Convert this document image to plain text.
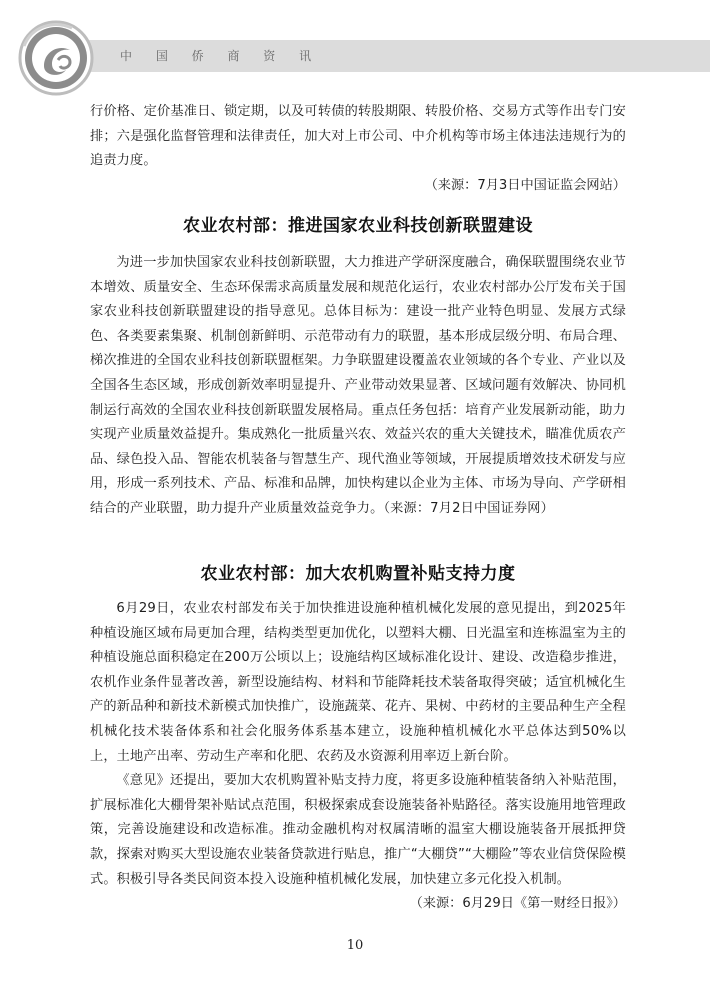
中 国 侨 商 资 讯

行价格、定价基准日、锁定期，以及可转债的转股期限、转股价格、交易方式等作出专门安排；六是强化监督管理和法律责任，加大对上市公司、中介机构等市场主体违法违规行为的追责力度。

（来源：7月3日中国证监会网站）
农业农村部：推进国家农业科技创新联盟建设

为进一步加快国家农业科技创新联盟，大力推进产学研深度融合，确保联盟围绕农业节本增效、质量安全、生态环保需求高质量发展和规范化运行，农业农村部办公厅发布关于国家农业科技创新联盟建设的指导意见。总体目标为：建设一批产业特色明显、发展方式绿色、各类要素集聚、机制创新鲜明、示范带动有力的联盟，基本形成层级分明、布局合理、梯次推进的全国农业科技创新联盟框架。力争联盟建设覆盖农业领域的各个专业、产业以及全国各生态区域，形成创新效率明显提升、产业带动效果显著、区域问题有效解决、协同机制运行高效的全国农业科技创新联盟发展格局。重点任务包括：培育产业发展新动能，助力实现产业质量效益提升。集成熟化一批质量兴农、效益兴农的重大关键技术，瞄准优质农产品、绿色投入品、智能农机装备与智慧生产、现代渔业等领域，开展提质增效技术研发与应用，形成一系列技术、产品、标准和品牌，加快构建以企业为主体、市场为导向、产学研相结合的产业联盟，助力提升产业质量效益竞争力。（来源：7月2日中国证券网）

农业农村部：加大农机购置补贴支持力度

6月29日，农业农村部发布关于加快推进设施种植机械化发展的意见提出，到2025年种植设施区域布局更加合理，结构类型更加优化，以塑料大棚、日光温室和连栋温室为主的种植设施总面积稳定在200万公顷以上；设施结构区域标准化设计、建设、改造稳步推进，农机作业条件显著改善，新型设施结构、材料和节能降耗技术装备取得突破；适宜机械化生产的新品种和新技术新模式加快推广，设施蔬菜、花卉、果树、中药材的主要品种生产全程机械化技术装备体系和社会化服务体系基本建立，设施种植机械化水平总体达到50%以上，土地产出率、劳动生产率和化肥、农药及水资源利用率迈上新台阶。

《意见》还提出，要加大农机购置补贴支持力度，将更多设施种植装备纳入补贴范围，扩展标准化大棚骨架补贴试点范围，积极探索成套设施装备补贴路径。落实设施用地管理政策，完善设施建设和改造标准。推动金融机构对权属清晰的温室大棚设施装备开展抵押贷款，探索对购买大型设施农业装备贷款进行贴息，推广“大棚贷”“大棚险”等农业信贷保险模式。积极引导各类民间资本投入设施种植机械化发展，加快建立多元化投入机制。

（来源：6月29日《第一财经日报》）
10
